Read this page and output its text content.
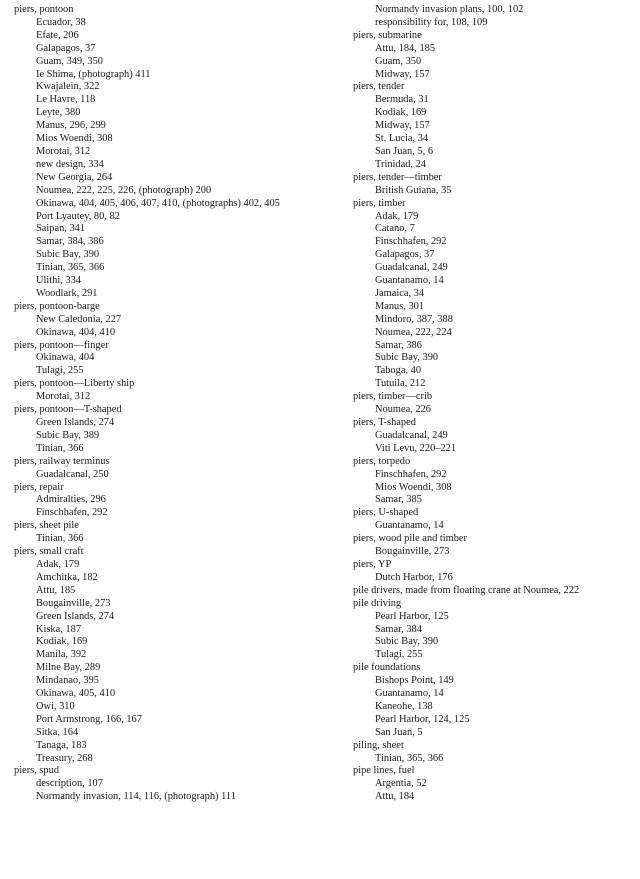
piers, pontoon
Ecuador, 38
Efate, 206
Galapagos, 37
Guam, 349, 350
Ie Shima, (photograph) 411
Kwajalein, 322
Le Havre, 118
Leyte, 380
Manus, 296, 299
Mios Woendi, 308
Morotai, 312
new design, 334
New Georgia, 264
Noumea, 222, 225, 226, (photograph) 200
Okinawa, 404, 405, 406, 407, 410, (photographs) 402, 405
Port Lyautey, 80, 82
Saipan, 341
Samar, 384, 386
Subic Bay, 390
Tinian, 365, 366
Ulithi, 334
Woodlark, 291
piers, pontoon-barge
New Caledonia, 227
Okinawa, 404, 410
piers, pontoon—finger
Okinawa, 404
Tulagi, 255
piers, pontoon—Liberty ship
Morotai, 312
piers, pontoon—T-shaped
Green Islands, 274
Subic Bay, 389
Tinian, 366
piers, railway terminus
Guadalcanal, 250
piers, repair
Admiralties, 296
Finschhafen, 292
piers, sheet pile
Tinian, 366
piers, small craft
Adak, 179
Amchitka, 182
Attu, 185
Bougainville, 273
Green Islands, 274
Kiska, 187
Kodiak, 169
Manila, 392
Milne Bay, 289
Mindanao, 395
Okinawa, 405, 410
Owi, 310
Port Armstrong, 166, 167
Sitka, 164
Tanaga, 183
Treasury, 268
piers, spud
description, 107
Normandy invasion, 114, 116, (photograph) 111
Normandy invasion plans, 100, 102
responsibility for, 108, 109
piers, submarine
Attu, 184, 185
Guam, 350
Midway, 157
piers, tender
Bermuda, 31
Kodiak, 169
Midway, 157
St. Lucia, 34
San Juan, 5, 6
Trinidad, 24
piers, tender—timber
British Guiana, 35
piers, timber
Adak, 179
Catano, 7
Finschhafen, 292
Galapagos, 37
Guadalcanal, 249
Guantanamo, 14
Jamaica, 34
Manus, 301
Mindoro, 387, 388
Noumea, 222, 224
Samar, 386
Subic Bay, 390
Taboga, 40
Tutuila, 212
piers, timber—crib
Noumea, 226
piers, T-shaped
Guadalcanal, 249
Viti Levu, 220–221
piers, torpedo
Finschhafen, 292
Mios Woendi, 308
Samar, 385
piers, U-shaped
Guantanamo, 14
piers, wood pile and timber
Bougainville, 273
piers, YP
Dutch Harbor, 176
pile drivers, made from floating crane at Noumea, 222
pile driving
Pearl Harbor, 125
Samar, 384
Subic Bay, 390
Tulagi, 255
pile foundations
Bishops Point, 149
Guantanamo, 14
Kaneohe, 138
Pearl Harbor, 124, 125
San Juan, 5
piling, sheet
Tinian, 365, 366
pipe lines, fuel
Argentia, 52
Attu, 184
